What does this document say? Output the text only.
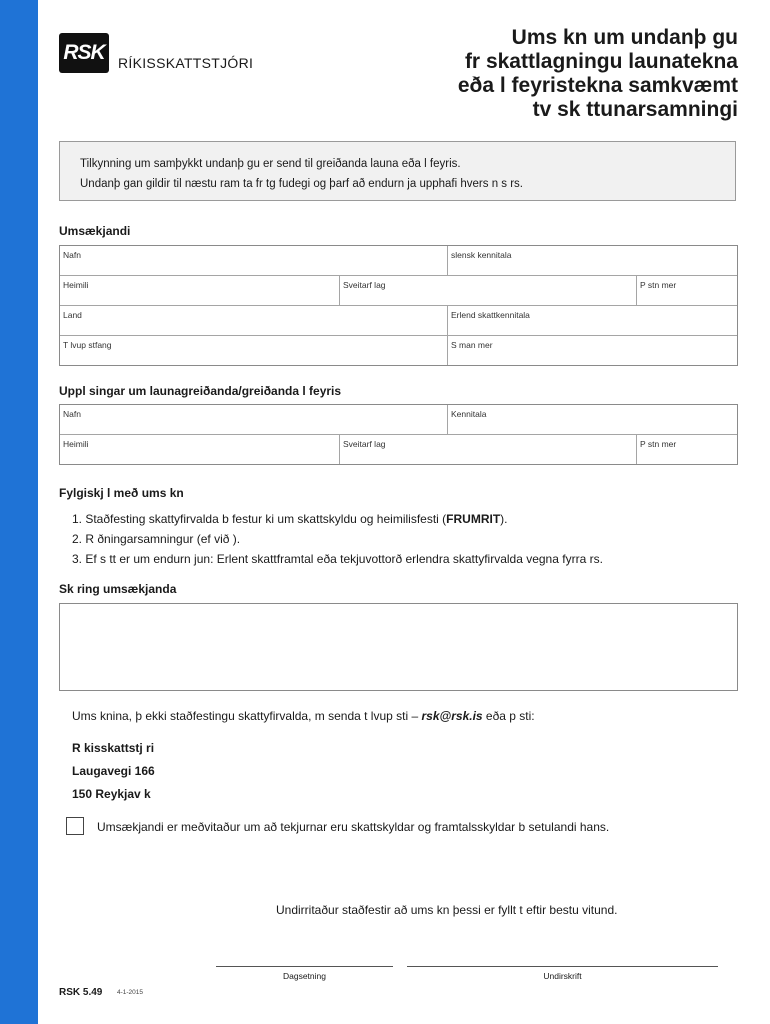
RSK RÍKISSKATTSTJÓRI
Ums kn um undanþ gu
fr skattlagningu launatekna
eða l feyristekna samkvæmt
tv sk ttunarsamningi
Tilkynning um samþykkt undanþ gu er send til greiðanda launa eða l feyris.
Undanþ gan gildir til næstu ram ta fr tg fudegi og þarf að endurn ja upphafi hvers n s rs.
Umsækjandi
Nafn	slensk kennitala
Heimili	Sveitarf lag	P stn mer
Land	Erlend skattkennitala
T lvup stfang	S man mer
Uppl singar um launagreiðanda/greiðanda l feyris
Nafn	Kennitala
Heimili	Sveitarf lag	P stn mer
Fylgiskj l með ums kn
1. Staðfesting skattyfirvalda b festur ki um skattskyldu og heimilisfesti (FRUMRIT).
2. R ðningarsamningur (ef við ).
3. Ef s tt er um endurn jun: Erlent skattframtal eða tekjuvottorð erlendra skattyfirvalda vegna fyrra rs.
Sk ring umsækjanda
Ums knina, þ ekki staðfestingu skattyfirvalda, m senda t lvup sti – rsk@rsk.is eða p sti:
R kisskattstj ri
Laugavegi 166
150 Reykjav k
Umsækjandi er meðvitaður um að tekjurnar eru skattskyldar og framtalsskyldar b setulandi hans.
Undirritaður staðfestir að ums kn þessi er fyllt t eftir bestu vitund.
Dagsetning	Undirskrift
RSK 5.49 4-1-2015
